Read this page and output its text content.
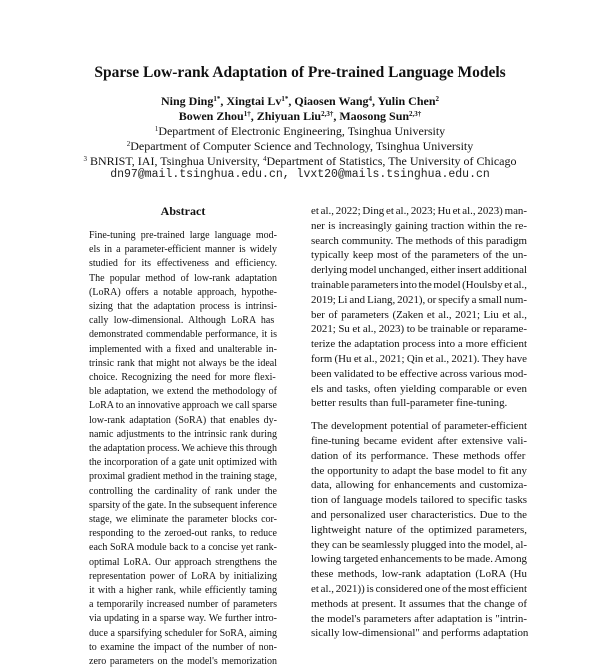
Sparse Low-rank Adaptation of Pre-trained Language Models
Ning Ding$^{1*}$, Xingtai $Lv^{1*}$, Qiaosen Wang$^4$, Yulin Chen$^2$
Bowen Zhou$^{1\dagger}$, Zhiyuan Liu$^{2,3\dagger}$, Maosong Sun$^{2,3\dagger}$
$^1$Department of Electronic Engineering, Tsinghua University
$^2$Department of Computer Science and Technology, Tsinghua University
$^3$ BNRIST, IAI, Tsinghua University, $^4$Department of Statistics, The University of Chicago
dn97@mail.tsinghua.edu.cn, lvxt20@mails.tsinghua.edu.cn
Abstract
Fine-tuning pre-trained large language mod-
els in a parameter-efficient manner is widely
studied for its effectiveness and efficiency.
The popular method of low-rank adaptation
(LoRA) offers a notable approach, hypothe-
sizing that the adaptation process is intrinsi-
cally low-dimensional. Although LoRA has
demonstrated commendable performance, it is
implemented with a fixed and unalterable in-
trinsic rank that might not always be the ideal
choice. Recognizing the need for more flexi-
ble adaptation, we extend the methodology of
LoRA to an innovative approach we call sparse
low-rank adaptation (SoRA) that enables dy-
namic adjustments to the intrinsic rank during
the adaptation process. We achieve this through
the incorporation of a gate unit optimized with
proximal gradient method in the training stage,
controlling the cardinality of rank under the
sparsity of the gate. In the subsequent inference
stage, we eliminate the parameter blocks cor-
responding to the zeroed-out ranks, to reduce
each SoRA module back to a concise yet rank-
optimal LoRA. Our approach strengthens the
representation power of LoRA by initializing
it with a higher rank, while efficiently taming
a temporarily increased number of parameters
via updating in a sparse way. We further intro-
duce a sparsifying scheduler for SoRA, aiming
to examine the impact of the number of non-
zero parameters on the model's memorization
et al., 2022; Ding et al., 2023; Hu et al., 2023) man-
ner is increasingly gaining traction within the re-
search community. The methods of this paradigm
typically keep most of the parameters of the un-
derlying model unchanged, either insert additional
trainable parameters into the model (Houlsby et al.,
2019; Li and Liang, 2021), or specify a small num-
ber of parameters (Zaken et al., 2021; Liu et al.,
2021; Su et al., 2023) to be trainable or reparame-
terize the adaptation process into a more efficient
form (Hu et al., 2021; Qin et al., 2021). They have
been validated to be effective across various mod-
els and tasks, often yielding comparable or even
better results than full-parameter fine-tuning.
The development potential of parameter-efficient
fine-tuning became evident after extensive vali-
dation of its performance. These methods offer
the opportunity to adapt the base model to fit any
data, allowing for enhancements and customiza-
tion of language models tailored to specific tasks
and personalized user characteristics. Due to the
lightweight nature of the optimized parameters,
they can be seamlessly plugged into the model, al-
lowing targeted enhancements to be made. Among
these methods, low-rank adaptation (LoRA (Hu
et al., 2021)) is considered one of the most efficient
methods at present. It assumes that the change of
the model's parameters after adaptation is "intrin-
sically low-dimensional" and performs adaptation
